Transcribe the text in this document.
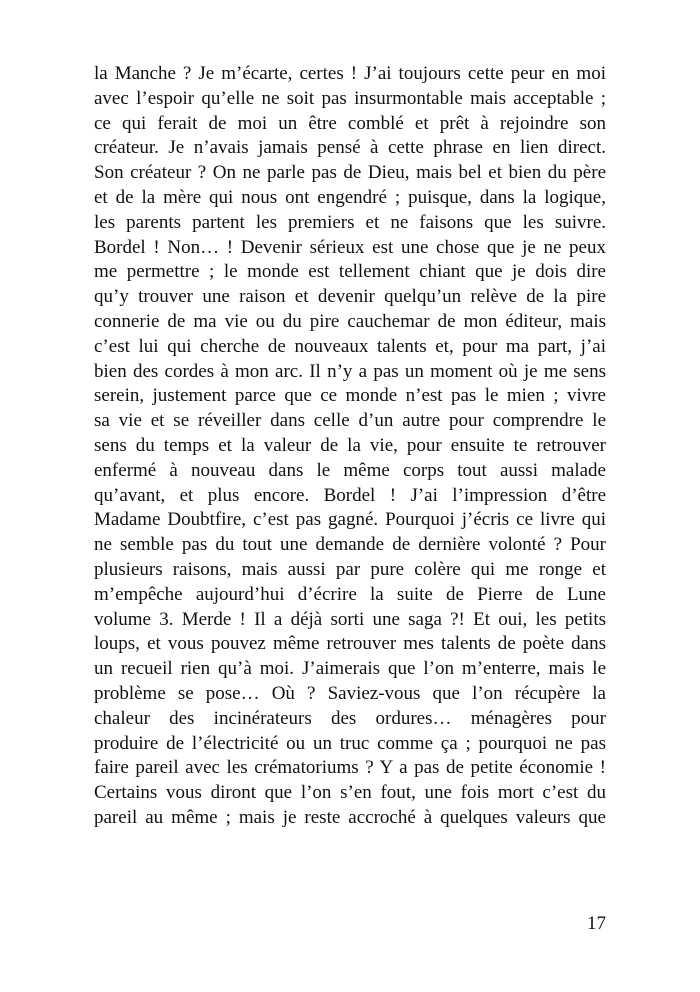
la Manche ? Je m’écarte, certes ! J’ai toujours cette peur en moi
avec l’espoir qu’elle ne soit pas insurmontable mais acceptable ;
ce qui ferait de moi un être comblé et prêt à rejoindre son
créateur. Je n’avais jamais pensé à cette phrase en lien direct.
Son créateur ? On ne parle pas de Dieu, mais bel et bien du père
et de la mère qui nous ont engendré ; puisque, dans la logique,
les parents partent les premiers et ne faisons que les suivre.
Bordel ! Non… ! Devenir sérieux est une chose que je ne peux
me permettre ; le monde est tellement chiant que je dois dire
qu’y trouver une raison et devenir quelqu’un relève de la pire
connerie de ma vie ou du pire cauchemar de mon éditeur, mais
c’est lui qui cherche de nouveaux talents et, pour ma part, j’ai
bien des cordes à mon arc. Il n’y a pas un moment où je me sens
serein, justement parce que ce monde n’est pas le mien ; vivre
sa vie et se réveiller dans celle d’un autre pour comprendre le
sens du temps et la valeur de la vie, pour ensuite te retrouver
enfermé à nouveau dans le même corps tout aussi malade
qu’avant, et plus encore. Bordel ! J’ai l’impression d’être
Madame Doubtfire, c’est pas gagné. Pourquoi j’écris ce livre qui
ne semble pas du tout une demande de dernière volonté ? Pour
plusieurs raisons, mais aussi par pure colère qui me ronge et
m’empêche aujourd’hui d’écrire la suite de Pierre de Lune
volume 3. Merde ! Il a déjà sorti une saga ?! Et oui, les petits
loups, et vous pouvez même retrouver mes talents de poète dans
un recueil rien qu’à moi. J’aimerais que l’on m’enterre, mais le
problème se pose… Où ? Saviez-vous que l’on récupère la
chaleur des incinérateurs des ordures… ménagères pour
produire de l’électricité ou un truc comme ça ; pourquoi ne pas
faire pareil avec les crématoriums ? Y a pas de petite économie !
Certains vous diront que l’on s’en fout, une fois mort c’est du
pareil au même ; mais je reste accroché à quelques valeurs que
17
